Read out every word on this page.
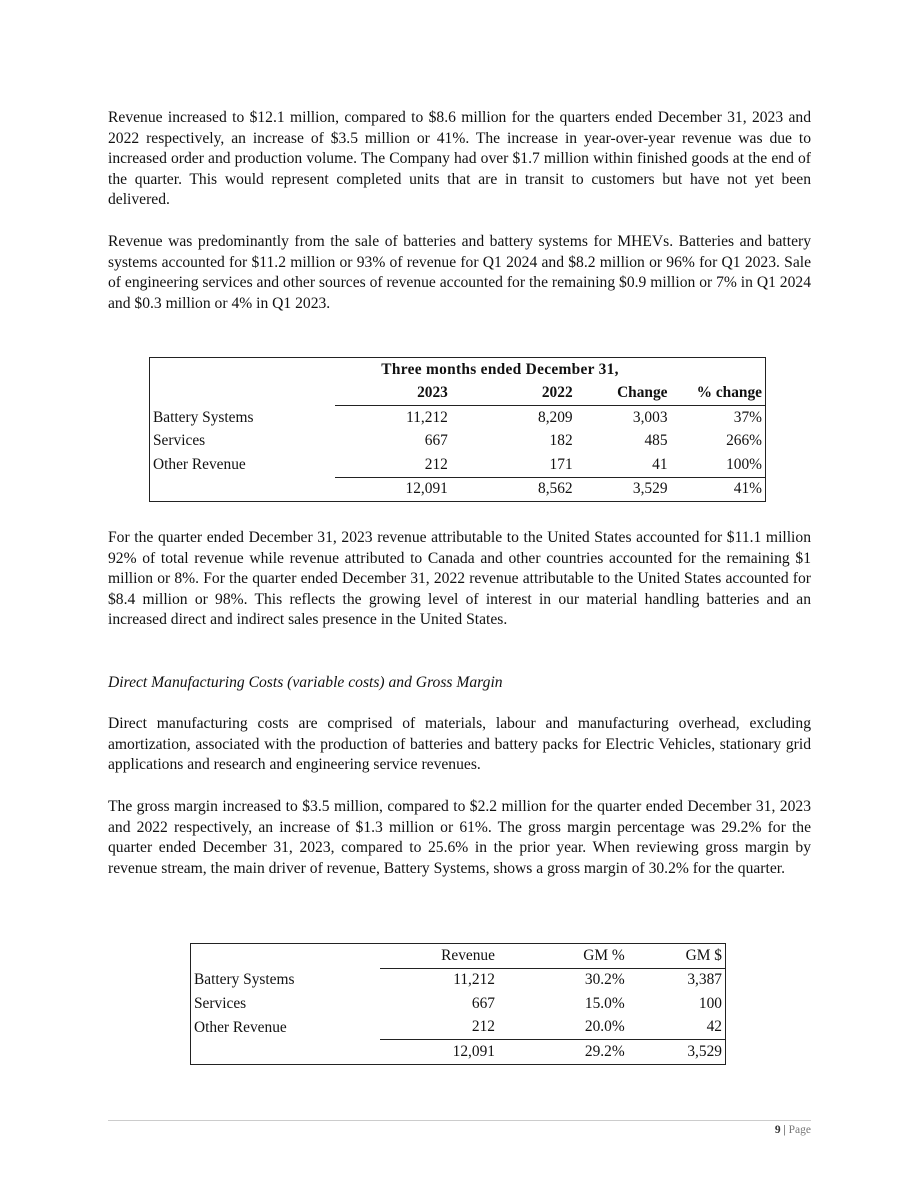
Revenue increased to $12.1 million, compared to $8.6 million for the quarters ended December 31, 2023 and 2022 respectively, an increase of $3.5 million or 41%. The increase in year-over-year revenue was due to increased order and production volume. The Company had over $1.7 million within finished goods at the end of the quarter. This would represent completed units that are in transit to customers but have not yet been delivered.

Revenue was predominantly from the sale of batteries and battery systems for MHEVs. Batteries and battery systems accounted for $11.2 million or 93% of revenue for Q1 2024 and $8.2 million or 96% for Q1 2023. Sale of engineering services and other sources of revenue accounted for the remaining $0.9 million or 7% in Q1 2024 and $0.3 million or 4% in Q1 2023.

	Three months ended December 31,			
	2023	2022	Change	% change
Battery Systems	11,212	8,209	3,003	37%
Services	667	182	485	266%
Other Revenue	212	171	41	100%
	12,091	8,562	3,529	41%

For the quarter ended December 31, 2023 revenue attributable to the United States accounted for $11.1 million 92% of total revenue while revenue attributed to Canada and other countries accounted for the remaining $1 million or 8%. For the quarter ended December 31, 2022 revenue attributable to the United States accounted for $8.4 million or 98%. This reflects the growing level of interest in our material handling batteries and an increased direct and indirect sales presence in the United States.

Direct Manufacturing Costs (variable costs) and Gross Margin

Direct manufacturing costs are comprised of materials, labour and manufacturing overhead, excluding amortization, associated with the production of batteries and battery packs for Electric Vehicles, stationary grid applications and research and engineering service revenues.

The gross margin increased to $3.5 million, compared to $2.2 million for the quarter ended December 31, 2023 and 2022 respectively, an increase of $1.3 million or 61%. The gross margin percentage was 29.2% for the quarter ended December 31, 2023, compared to 25.6% in the prior year. When reviewing gross margin by revenue stream, the main driver of revenue, Battery Systems, shows a gross margin of 30.2% for the quarter.

	Revenue	GM %	GM $
Battery Systems	11,212	30.2%	3,387
Services	667	15.0%	100
Other Revenue	212	20.0%	42
	12,091	29.2%	3,529
9 | Page
